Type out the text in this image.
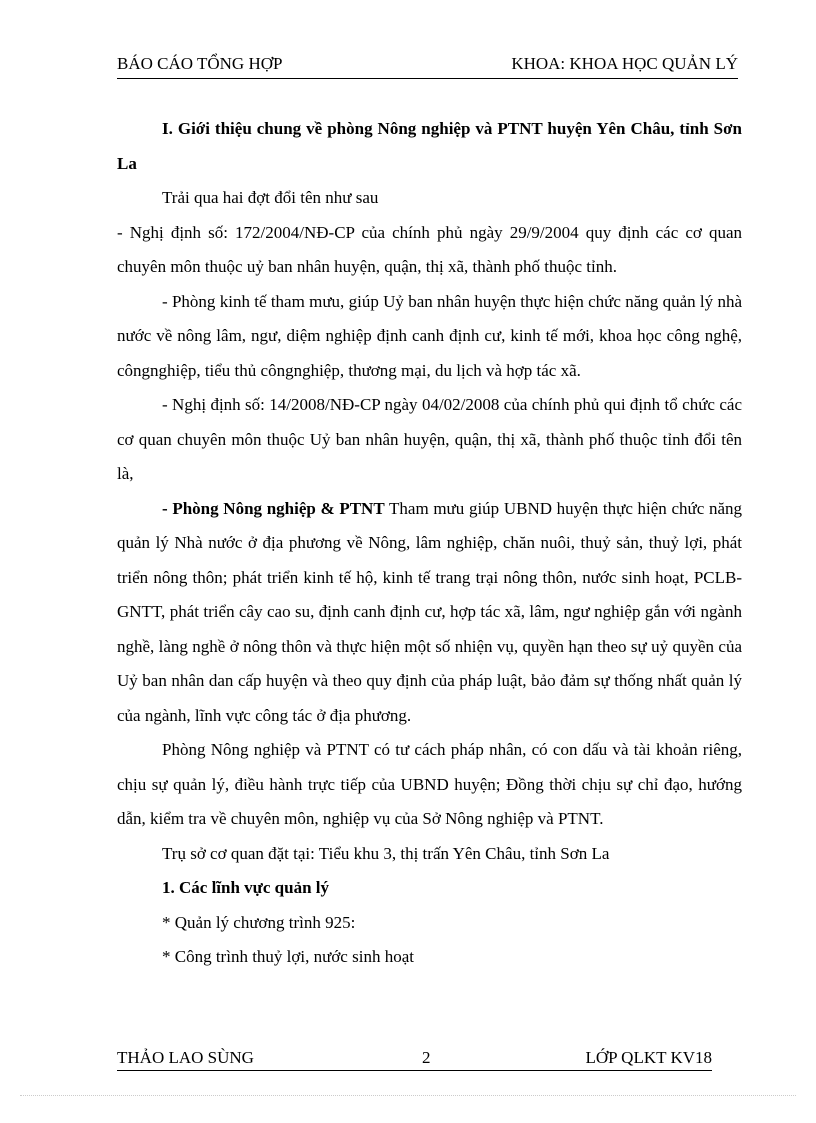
BÁO CÁO TỔNG HỢP	KHOA: KHOA HỌC QUẢN LÝ

I. Giới thiệu chung về phòng Nông nghiệp và PTNT huyện Yên Châu, tỉnh Sơn La

Trải qua hai đợt đổi tên như sau

- Nghị định số: 172/2004/NĐ-CP của chính phủ ngày 29/9/2004 quy định các cơ quan chuyên môn thuộc uỷ ban nhân huyện, quận, thị xã, thành phố thuộc tỉnh.

- Phòng kinh tế tham mưu, giúp Uỷ ban nhân huyện thực hiện chức năng quản lý nhà nước về nông lâm, ngư, diệm nghiệp định canh định cư, kinh tế mới, khoa học công nghệ, côngnghiệp, tiểu thủ côngnghiệp, thương mại, du lịch và hợp tác xã.

- Nghị định số: 14/2008/NĐ-CP ngày 04/02/2008 của chính phủ qui định tổ chức các cơ quan chuyên môn thuộc Uỷ ban nhân huyện, quận, thị xã, thành phố thuộc tỉnh đổi tên là,

- Phòng Nông nghiệp & PTNT Tham mưu giúp UBND huyện thực hiện chức năng quản lý Nhà nước ở địa phương về Nông, lâm nghiệp, chăn nuôi, thuỷ sản, thuỷ lợi, phát triển nông thôn; phát triển kinh tế hộ, kinh tế trang trại nông thôn, nước sinh hoạt, PCLB-GNTT, phát triển cây cao su, định canh định cư, hợp tác xã, lâm, ngư nghiệp gắn với ngành nghề, làng nghề ở nông thôn và thực hiện một số nhiện vụ, quyền hạn theo sự uỷ quyền của Uỷ ban nhân dan cấp huyện và theo quy định của pháp luật, bảo đảm sự thống nhất quản lý của ngành, lĩnh vực công tác ở địa phương.

Phòng Nông nghiệp và PTNT có tư cách pháp nhân, có con dấu và tài khoản riêng, chịu sự quản lý, điều hành trực tiếp của UBND huyện; Đồng thời chịu sự chỉ đạo, hướng dẫn, kiểm tra về chuyên môn, nghiệp vụ của Sở Nông nghiệp và PTNT.

Trụ sở cơ quan đặt tại: Tiểu khu 3, thị trấn Yên Châu, tỉnh Sơn La

1. Các lĩnh vực quản lý

* Quản lý chương trình 925:

* Công trình thuỷ lợi, nước sinh hoạt

THẢO LAO SÙNG	2	LỚP QLKT KV18
